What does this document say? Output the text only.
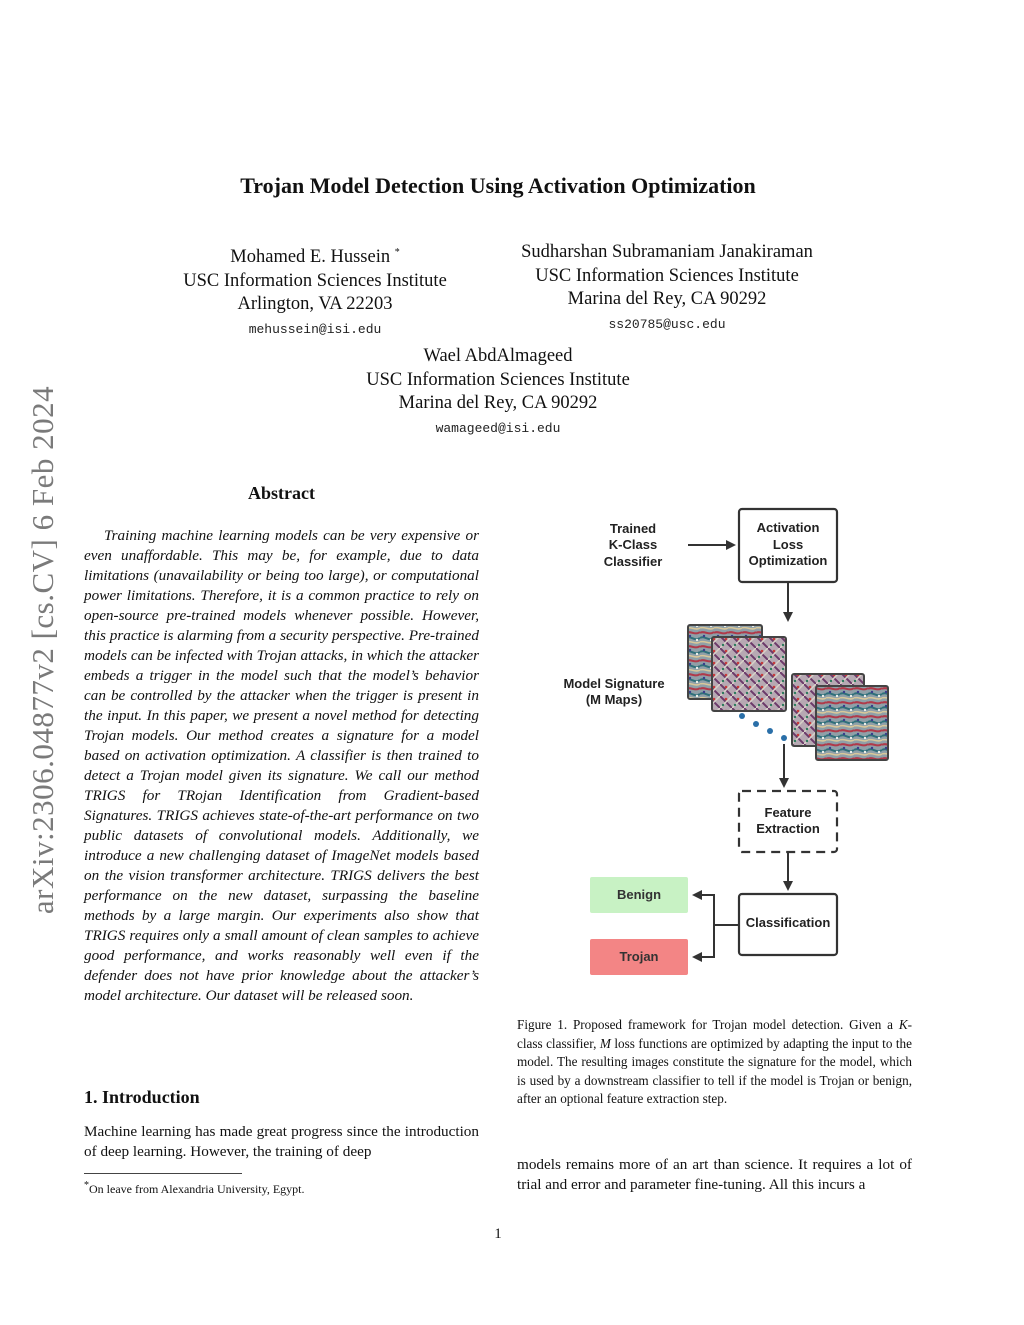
arXiv:2306.04877v2 [cs.CV] 6 Feb 2024
Trojan Model Detection Using Activation Optimization
Mohamed E. Hussein *
USC Information Sciences Institute
Arlington, VA 22203
mehussein@isi.edu
Sudharshan Subramaniam Janakiraman
USC Information Sciences Institute
Marina del Rey, CA 90292
ss20785@usc.edu
Wael AbdAlmageed
USC Information Sciences Institute
Marina del Rey, CA 90292
wamageed@isi.edu
Abstract
Training machine learning models can be very expensive or even unaffordable. This may be, for example, due to data limitations (unavailability or being too large), or computational power limitations. Therefore, it is a common practice to rely on open-source pre-trained models whenever possible. However, this practice is alarming from a security perspective. Pre-trained models can be infected with Trojan attacks, in which the attacker embeds a trigger in the model such that the model’s behavior can be controlled by the attacker when the trigger is present in the input. In this paper, we present a novel method for detecting Trojan models. Our method creates a signature for a model based on activation optimization. A classifier is then trained to detect a Trojan model given its signature. We call our method TRIGS for TRojan Identification from Gradient-based Signatures. TRIGS achieves state-of-the-art performance on two public datasets of convolutional models. Additionally, we introduce a new challenging dataset of ImageNet models based on the vision transformer architecture. TRIGS delivers the best performance on the new dataset, surpassing the baseline methods by a large margin. Our experiments also show that TRIGS requires only a small amount of clean samples to achieve good performance, and works reasonably well even if the defender does not have prior knowledge about the attacker’s model architecture. Our dataset will be released soon.
1. Introduction
Machine learning has made great progress since the introduction of deep learning. However, the training of deep
models remains more of an art than science. It requires a lot of trial and error and parameter fine-tuning. All this incurs a
*On leave from Alexandria University, Egypt.
Trained
K-Class
Classifier
Activation
Loss
Optimization
Model Signature
(M Maps)
Feature
Extraction
Classification
Benign
Trojan
Figure 1. Proposed framework for Trojan model detection. Given a K-class classifier, M loss functions are optimized by adapting the input to the model. The resulting images constitute the signature for the model, which is used by a downstream classifier to tell if the model is Trojan or benign, after an optional feature extraction step.
1
